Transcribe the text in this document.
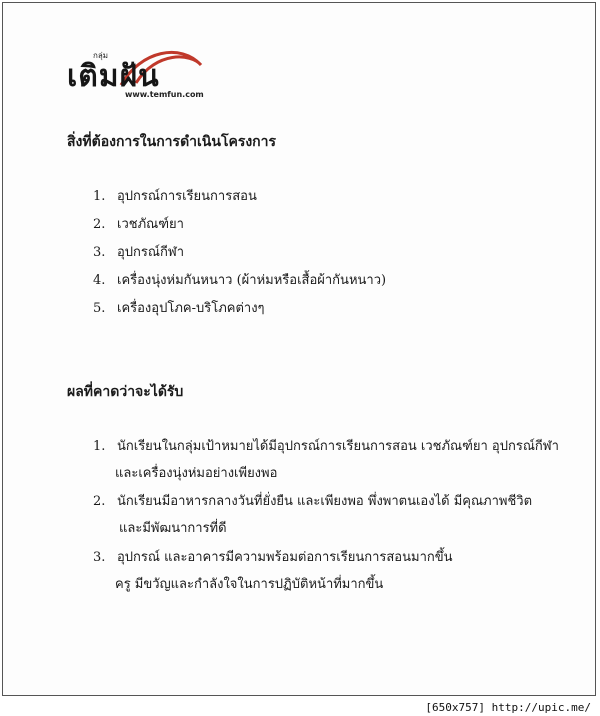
กลุ่ม
เติมฝัน
www.temfun.com
สิ่งที่ต้องการในการดำเนินโครงการ
1. อุปกรณ์การเรียนการสอน
2. เวชภัณฑ์ยา
3. อุปกรณ์กีฬา
4. เครื่องนุ่งห่มกันหนาว (ผ้าห่มหรือเสื้อผ้ากันหนาว)
5. เครื่องอุปโภค-บริโภคต่างๆ
ผลที่คาดว่าจะได้รับ
1. นักเรียนในกลุ่มเป้าหมายได้มีอุปกรณ์การเรียนการสอน เวชภัณฑ์ยา อุปกรณ์กีฬา
และเครื่องนุ่งห่มอย่างเพียงพอ
2. นักเรียนมีอาหารกลางวันที่ยั่งยืน และเพียงพอ พึ่งพาตนเองได้ มีคุณภาพชีวิต
และมีพัฒนาการที่ดี
3. อุปกรณ์ และอาคารมีความพร้อมต่อการเรียนการสอนมากขึ้น
ครู มีขวัญและกำลังใจในการปฏิบัติหน้าที่มากขึ้น
[650x757] http://upic.me/
